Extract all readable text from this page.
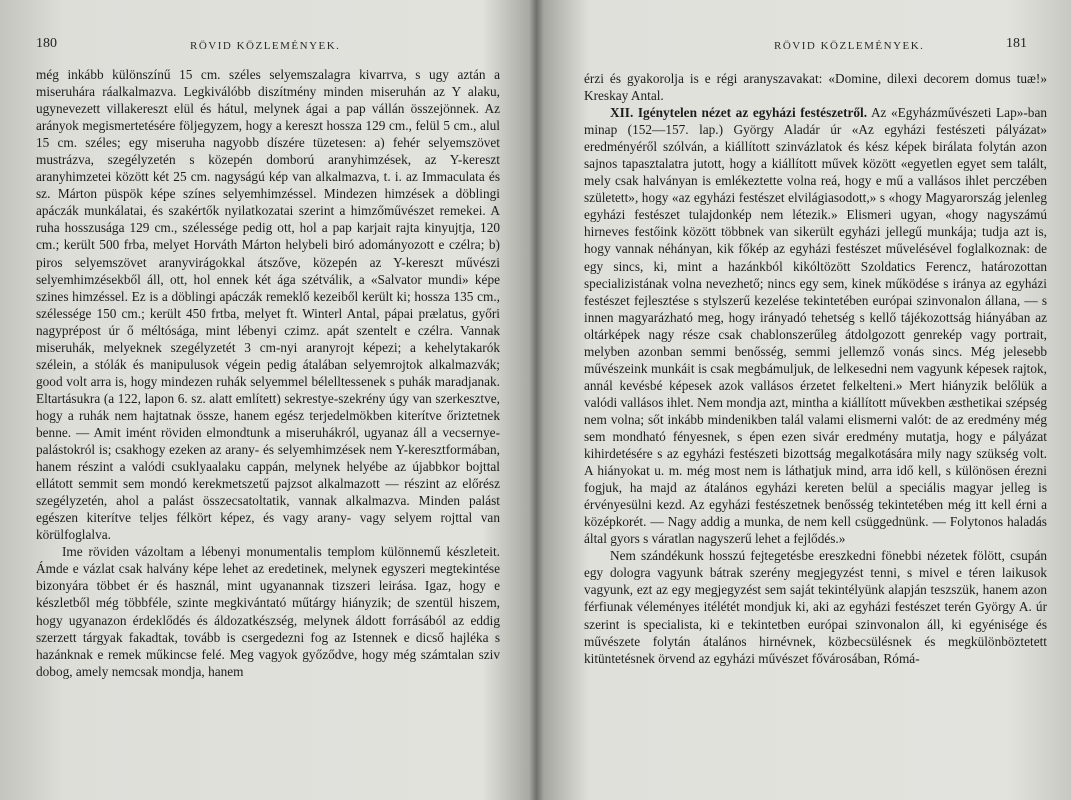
180	RÖVID KÖZLEMÉNYEK.

még inkább különszínű 15 cm. széles selyemszalagra kivarrva, s ugy aztán a miseruhára ráalkalmazva. Legkiválóbb diszítmény minden miseruhán az Y alaku, ugynevezett villakereszt elül és hátul, melynek ágai a pap vállán összejönnek. Az arányok megismertetésére följegyzem, hogy a kereszt hossza 129 cm., felül 5 cm., alul 15 cm. széles; egy miseruha nagyobb díszére tüzetesen: a) fehér selyemszövet mustrázva, szegélyzetén s közepén domború aranyhimzések, az Y-kereszt aranyhimzetei között két 25 cm. nagyságú kép van alkalmazva, t. i. az Immaculata és sz. Márton püspök képe színes selyemhimzéssel. Mindezen himzések a döblingi apáczák munkálatai, és szakértők nyilatkozatai szerint a himzőművészet remekei. A ruha hosszusága 129 cm., szélessége pedig ott, hol a pap karjait rajta kinyujtja, 120 cm.; került 500 frba, melyet Horváth Márton helybeli biró adományozott e czélra; b) piros selyemszövet aranyvirágokkal átszőve, közepén az Y-kereszt művészi selyemhimzésekből áll, ott, hol ennek két ága szétválik, a «Salvator mundi» képe szines himzéssel. Ez is a döblingi apáczák remeklő kezeiből került ki; hossza 135 cm., szélessége 150 cm.; került 450 frtba, melyet ft. Winterl Antal, pápai prælatus, győri nagyprépost úr ő méltósága, mint lébenyi czimz. apát szentelt e czélra. Vannak miseruhák, melyeknek szegélyzetét 3 cm-nyi aranyrojt képezi; a kehelytakarók szélein, a stólák és manipulusok végein pedig átalában selyemrojtok alkalmazvák; good volt arra is, hogy mindezen ruhák selyemmel bélelltessenek s puhák maradjanak. Eltartásukra (a 122, lapon 6. sz. alatt említett) sekrestye-szekrény úgy van szerkesztve, hogy a ruhák nem hajtatnak össze, hanem egész terjedelmökben kiterítve őriztetnek benne. — Amit imént röviden elmondtunk a miseruhákról, ugyanaz áll a vecsernye-palástokról is; csakhogy ezeken az arany- és selyemhimzések nem Y-keresztformában, hanem részint a valódi csuklyaalaku cappán, melynek helyébe az újabbkor bojttal ellátott semmit sem mondó kerekmetszetű pajzsot alkalmazott — részint az előrész szegélyzetén, ahol a palást összecsatoltatik, vannak alkalmazva. Minden palást egészen kiterítve teljes félkört képez, és vagy arany- vagy selyem rojttal van körülfoglalva.

Ime röviden vázoltam a lébenyi monumentalis templom különnemű készleteit. Ámde e vázlat csak halvány képe lehet az eredetinek, melynek egyszeri megtekintése bizonyára többet ér és használ, mint ugyanannak tizszeri leirása. Igaz, hogy e készletből még többféle, szinte megkivántató műtárgy hiányzik; de szentül hiszem, hogy ugyanazon érdeklődés és áldozatkészség, melynek áldott forrásából az eddig szerzett tárgyak fakadtak, tovább is csergedezni fog az Istennek e dicső hajléka s hazánknak e remek műkincse felé. Meg vagyok győződve, hogy még számtalan sziv dobog, amely nemcsak mondja, hanem

RÖVID KÖZLEMÉNYEK.	181

érzi és gyakorolja is e régi aranyszavakat: «Domine, dilexi decorem domus tuæ!» Kreskay Antal.

XII. Igénytelen nézet az egyházi festészetről. Az «Egyházművészeti Lap»-ban minap (152—157. lap.) György Aladár úr «Az egyházi festészeti pályázat» eredményéről szólván, a kiállított szinvázlatok és kész képek birálata folytán azon sajnos tapasztalatra jutott, hogy a kiállított művek között «egyetlen egyet sem talált, mely csak halványan is emlékeztette volna reá, hogy e mű a vallásos ihlet perczében született», hogy «az egyházi festészet elvilágiasodott,» s «hogy Magyarország jelenleg egyházi festészet tulajdonkép nem létezik.» Elismeri ugyan, «hogy nagyszámú hirneves festőink között többnek van sikerült egyházi jellegű munkája; tudja azt is, hogy vannak néhányan, kik főkép az egyházi festészet művelésével foglalkoznak: de egy sincs, ki, mint a hazánkból kikóltözött Szoldatics Ferencz, határozottan specializistának volna nevezhető; nincs egy sem, kinek működése s iránya az egyházi festészet fejlesztése s stylszerű kezelése tekintetében európai szinvonalon állana, — s innen magyarázható meg, hogy irányadó tehetség s kellő tájékozottság hiányában az oltárképek nagy része csak chablonszerűleg átdolgozott genrekép vagy portrait, melyben azonban semmi benősség, semmi jellemző vonás sincs. Még jelesebb művészeink munkáit is csak megbámuljuk, de lelkesedni nem vagyunk képesek rajtok, annál kevésbé képesek azok vallásos érzetet felkelteni.» Mert hiányzik belőlük a valódi vallásos ihlet. Nem mondja azt, mintha a kiállított művekben æsthetikai szépség nem volna; sőt inkább mindenikben talál valami elismerni valót: de az eredmény még sem mondható fényesnek, s épen ezen sivár eredmény mutatja, hogy e pályázat kihirdetésére s az egyházi festészeti bizottság megalkotására mily nagy szükség volt. A hiányokat u. m. még most nem is láthatjuk mind, arra idő kell, s különösen érezni fogjuk, ha majd az átalános egyházi kereten belül a speciális magyar jelleg is érvényesülni kezd. Az egyházi festészetnek benősség tekintetében még itt kell érni a középkorét. — Nagy addig a munka, de nem kell csüggednünk. — Folytonos haladás által gyors s váratlan nagyszerű lehet a fejlődés.»

Nem szándékunk hosszú fejtegetésbe ereszkedni fönebbi nézetek fölött, csupán egy dologra vagyunk bátrak szerény megjegyzést tenni, s mivel e téren laikusok vagyunk, ezt az egy megjegyzést sem saját tekintélyünk alapján teszszük, hanem azon férfiunak véleményes itélétét mondjuk ki, aki az egyházi festészet terén György A. úr szerint is specialista, ki e tekintetben európai szinvonalon áll, ki egyénisége és művészete folytán átalános hirnévnek, közbecsülésnek és megkülönböztetett kitüntetésnek örvend az egyházi művészet fővárosában, Rómá-
